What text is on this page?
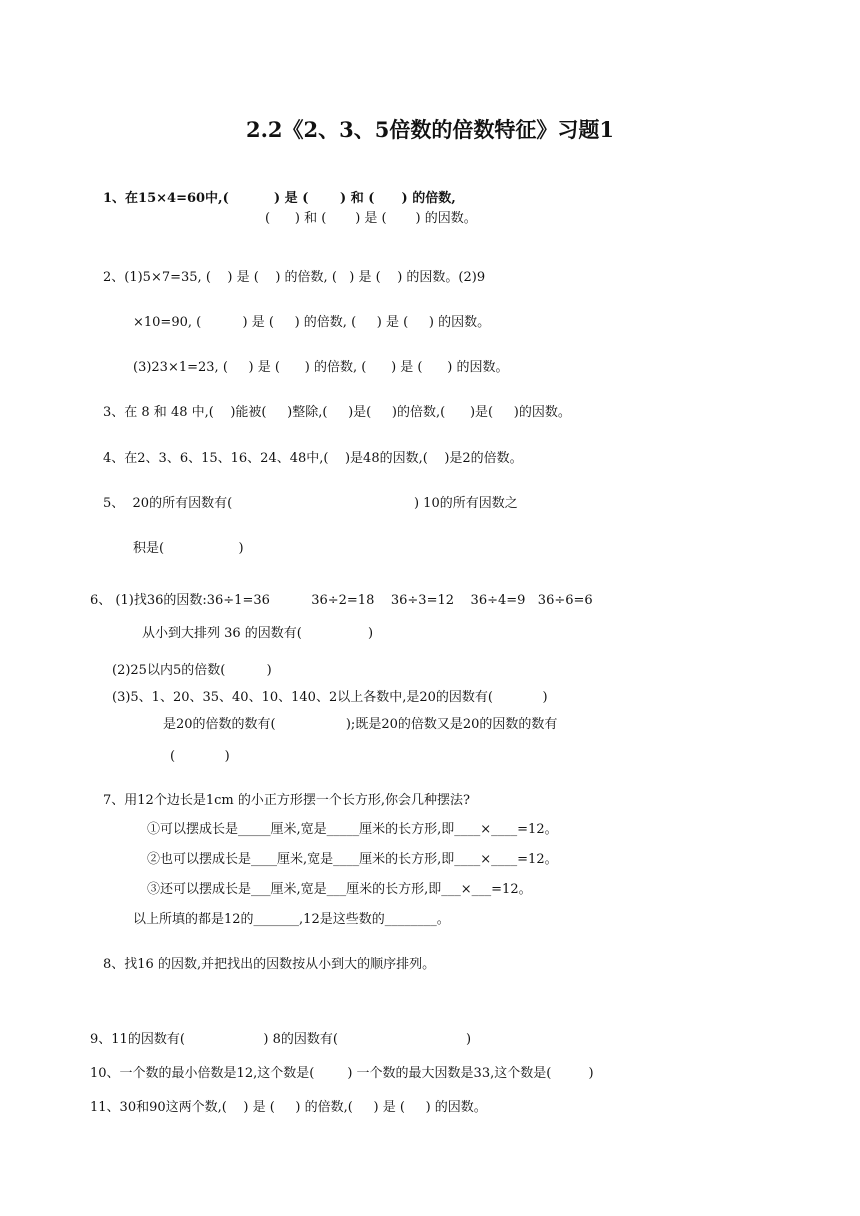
2.2《2、3、5倍数的倍数特征》习题1
1、在15×4=60中,(          ) 是 (       ) 和 (      ) 的倍数,
(      ) 和 (       ) 是 (       ) 的因数。
2、(1)5×7=35, (    ) 是 (    ) 的倍数, (   ) 是 (    ) 的因数。(2)9
×10=90, (          ) 是 (     ) 的倍数, (     ) 是 (     ) 的因数。
(3)23×1=23, (     ) 是 (      ) 的倍数, (      ) 是 (      ) 的因数。
3、在 8 和 48 中,(    )能被(     )整除,(     )是(     )的倍数,(      )是(     )的因数。
4、在2、3、6、15、16、24、48中,(    )是48的因数,(    )是2的倍数。
5、  20的所有因数有(                                            ) 10的所有因数之
积是(                  )
6、 (1)找36的因数:36÷1=36          36÷2=18    36÷3=12    36÷4=9   36÷6=6
从小到大排列 36 的因数有(                )
(2)25以内5的倍数(          )
(3)5、1、20、35、40、10、140、2以上各数中,是20的因数有(            )
是20的倍数的数有(                 );既是20的倍数又是20的因数的数有
(            )
7、用12个边长是1cm 的小正方形摆一个长方形,你会几种摆法?
①可以摆成长是_____厘米,宽是_____厘米的长方形,即____×____=12。
②也可以摆成长是____厘米,宽是____厘米的长方形,即____×____=12。
③还可以摆成长是___厘米,宽是___厘米的长方形,即___×___=12。
以上所填的都是12的_______,12是这些数的________。
8、找16 的因数,并把找出的因数按从小到大的顺序排列。
9、11的因数有(                   ) 8的因数有(                               )
10、一个数的最小倍数是12,这个数是(        ) 一个数的最大因数是33,这个数是(         )
11、30和90这两个数,(    ) 是 (     ) 的倍数,(     ) 是 (     ) 的因数。
